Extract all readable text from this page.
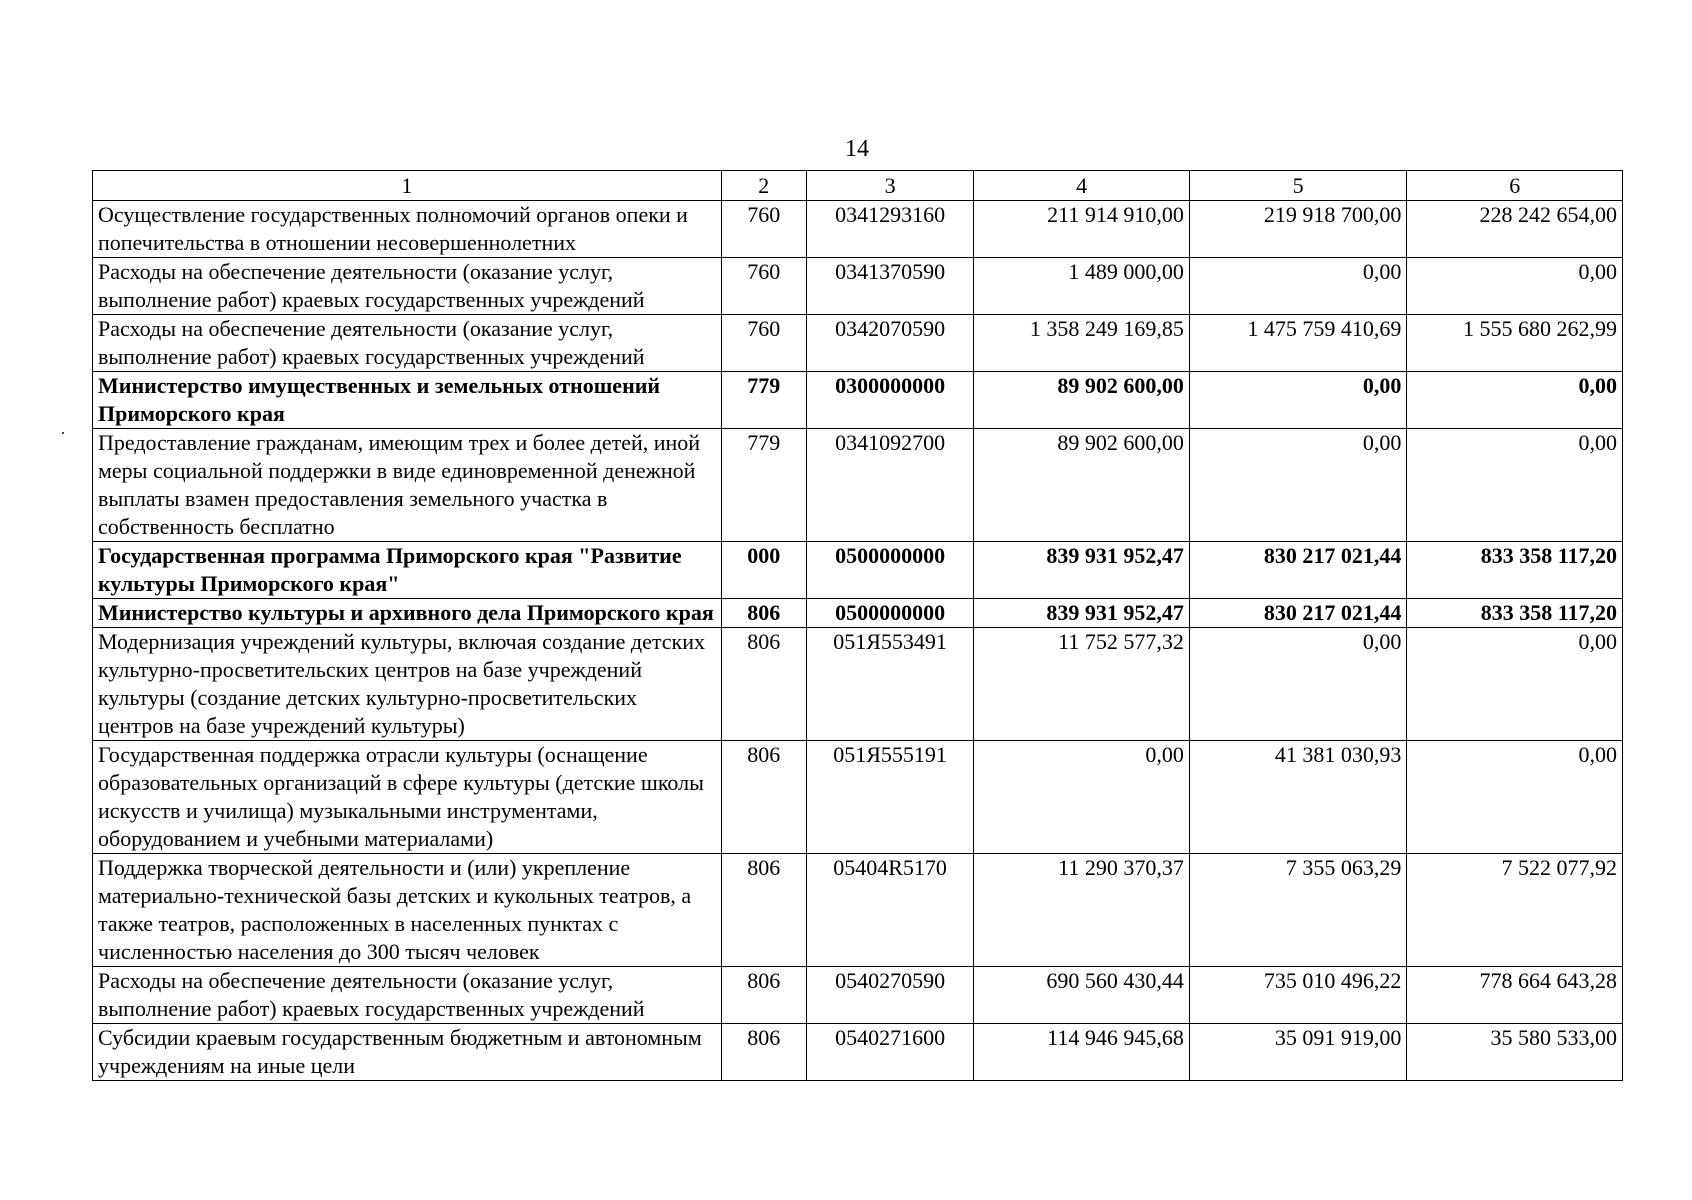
14
1	2	3	4	5	6
Осуществление государственных полномочий органов опеки и попечительства в отношении несовершеннолетних	760	0341293160	211 914 910,00	219 918 700,00	228 242 654,00
Расходы на обеспечение деятельности (оказание услуг, выполнение работ) краевых государственных учреждений	760	0341370590	1 489 000,00	0,00	0,00
Расходы на обеспечение деятельности (оказание услуг, выполнение работ) краевых государственных учреждений	760	0342070590	1 358 249 169,85	1 475 759 410,69	1 555 680 262,99
Министерство имущественных и земельных отношений Приморского края	779	0300000000	89 902 600,00	0,00	0,00
Предоставление гражданам, имеющим трех и более детей, иной меры социальной поддержки в виде единовременной денежной выплаты взамен предоставления земельного участка в собственность бесплатно	779	0341092700	89 902 600,00	0,00	0,00
Государственная программа Приморского края "Развитие культуры Приморского края"	000	0500000000	839 931 952,47	830 217 021,44	833 358 117,20
Министерство культуры и архивного дела Приморского края	806	0500000000	839 931 952,47	830 217 021,44	833 358 117,20
Модернизация учреждений культуры, включая создание детских культурно-просветительских центров на базе учреждений культуры (создание детских культурно-просветительских центров на базе учреждений культуры)	806	051Я553491	11 752 577,32	0,00	0,00
Государственная поддержка отрасли культуры (оснащение образовательных организаций в сфере культуры (детские школы искусств и училища) музыкальными инструментами, оборудованием и учебными материалами)	806	051Я555191	0,00	41 381 030,93	0,00
Поддержка творческой деятельности и (или) укрепление материально-технической базы детских и кукольных театров, а также театров, расположенных в населенных пунктах с численностью населения до 300 тысяч человек	806	05404R5170	11 290 370,37	7 355 063,29	7 522 077,92
Расходы на обеспечение деятельности (оказание услуг, выполнение работ) краевых государственных учреждений	806	0540270590	690 560 430,44	735 010 496,22	778 664 643,28
Субсидии краевым государственным бюджетным и автономным учреждениям на иные цели	806	0540271600	114 946 945,68	35 091 919,00	35 580 533,00
